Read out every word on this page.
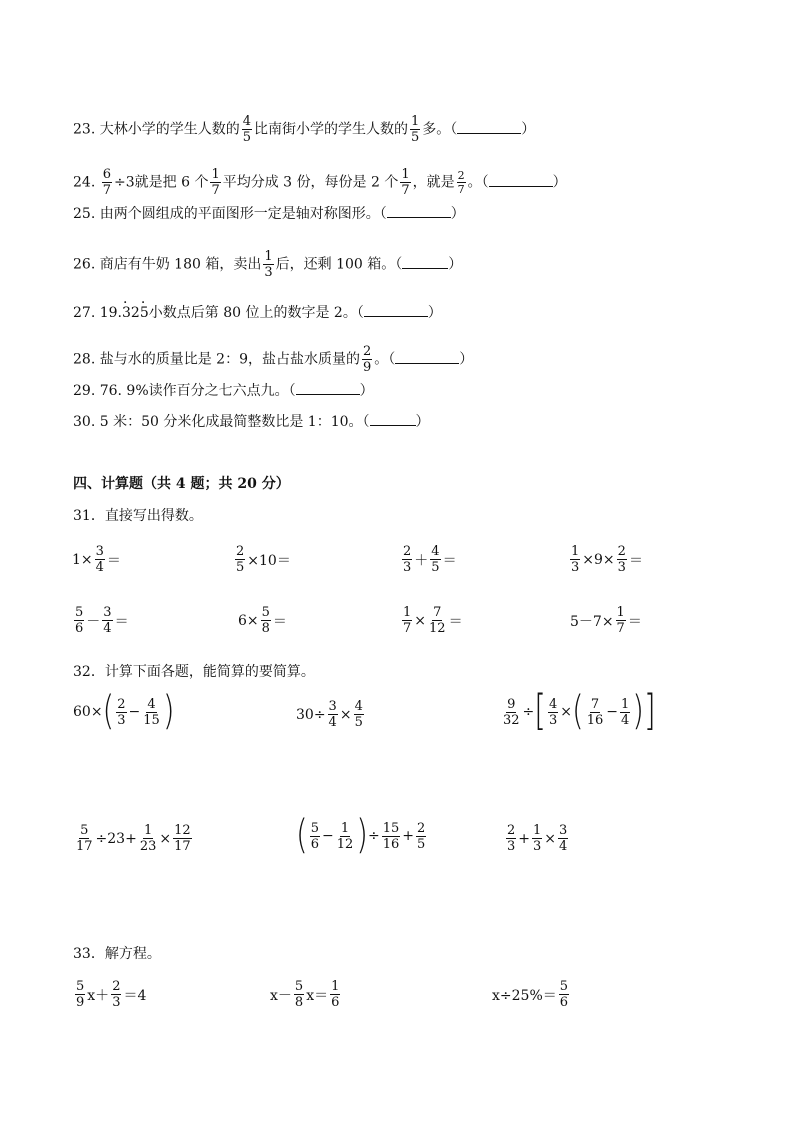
23. 大林小学的学生人数的 $\frac{4}{5}$ 比南街小学的学生人数的 $\frac{1}{5}$ 多。（	）
24. $\frac{6}{7} \div 3$就是把 6 个 $\frac{1}{7}$ 平均分成 3 份，每份是 2 个 $\frac{1}{7}$ ，就是 $\frac{2}{7}$ 。（	）
25. 由两个圆组成的平面图形一定是轴对称图形。（	）
26. 商店有牛奶 180 箱，卖出 $\frac{1}{3}$ 后，还剩 100 箱。（	）
27. 19.· 32· 5小数点后第 80 位上的数字是 2。（	）
28. 盐与水的质量比是 2：9，盐占盐水质量的 $\frac{2}{9}$ 。（	）
29. 76. 9%读作百分之七六点九。（	）
30. 5 米：50 分米化成最简整数比是 1：10。（	）
四、计算题（共 4 题；共 20 分）
31．直接写出得数。
$1\times \frac{3}{4}$ ＝	$\frac{2}{5} \times 10=$	$\frac{2}{3} + \frac{4}{5}$ ＝	$\frac{1}{3} \times 9\times \frac{2}{3}$ ＝
$\frac{5}{6} - \frac{3}{4}$ ＝	$6\times \frac{5}{8}$ ＝	$\frac{1}{7} \times \frac{7}{12}$ ＝	$5-7\times \frac{1}{7}$ ＝
32．计算下面各题，能简算的要简算。
$60\times( \frac{2}{3} - \frac{4}{15}$ )	$30\div \frac{3}{4} \times \frac{4}{5}$	$\frac{9}{32}$ ÷[ $\frac{4}{3}$ ×( $\frac{7}{16} - \frac{1}{4}$ )]
$\frac{5}{17} \div 23+ \frac{1}{23} \times \frac{12}{17}$	( $\frac{5}{6} - \frac{1}{12}$ )÷ $\frac{15}{16} + \frac{2}{5}$	$\frac{2}{3} + \frac{1}{3} \times \frac{3}{4}$
33．解方程。
$\frac{5}{9} x+ \frac{2}{3} =4$	$x- \frac{5}{8} x= \frac{1}{6}$	$x\div 25\%= \frac{5}{6}$
